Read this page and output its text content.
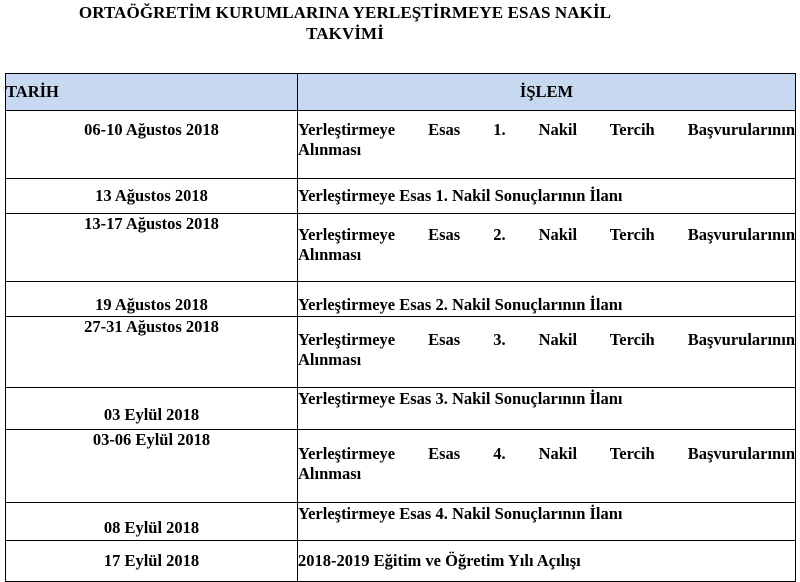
ORTAÖĞRETİM KURUMLARINA YERLEŞTİRMEYE ESAS NAKİL
TAKVİMİ
TARİH	İŞLEM
06-10 Ağustos 2018	Yerleştirmeye Esas 1. Nakil Tercih Başvurularının
Alınması

13 Ağustos 2018	Yerleştirmeye Esas 1. Nakil Sonuçlarının İlanı

13-17 Ağustos 2018	Yerleştirmeye Esas 2. Nakil Tercih Başvurularının
Alınması

19 Ağustos 2018	Yerleştirmeye Esas 2. Nakil Sonuçlarının İlanı

27-31 Ağustos 2018	Yerleştirmeye Esas 3. Nakil Tercih Başvurularının
Alınması

03 Eylül 2018	Yerleştirmeye Esas 3. Nakil Sonuçlarının İlanı

03-06 Eylül 2018	Yerleştirmeye Esas 4. Nakil Tercih Başvurularının
Alınması

08 Eylül 2018	Yerleştirmeye Esas 4. Nakil Sonuçlarının İlanı

17 Eylül 2018	2018-2019 Eğitim ve Öğretim Yılı Açılışı
